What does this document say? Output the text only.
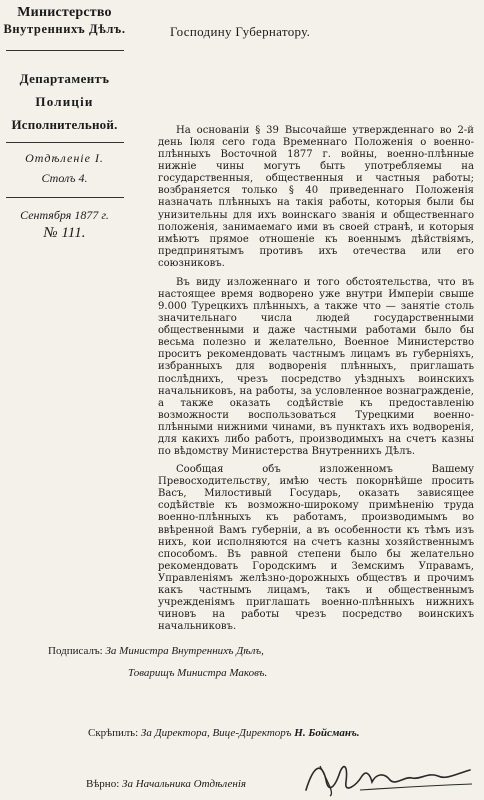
Министерство
Внутреннихъ Дѣлъ.
Департаментъ
Полиціи
Исполнительной.
Отдѣленіе I.
Столъ 4.
Сентября 1877 г.
№ 111.
Господину Губернатору.

На основаніи § 39 Высочайше утвержденнаго во 2-й день Іюля сего года Временнаго Положенія о военно-плѣнныхъ Восточной 1877 г. войны, военно-плѣнные нижніе чины могутъ быть употребляемы на государственныя, общественныя и частныя работы; возбраняется только § 40 приведеннаго Положенія назначать плѣнныхъ на такія работы, которыя были бы унизительны для ихъ воинскаго званія и общественнаго положенія, занимаемаго ими въ своей странѣ, и которыя имѣютъ прямое отношеніе къ военнымъ дѣйствіямъ, предпринятымъ противъ ихъ отечества или его союзниковъ.

Въ виду изложеннаго и того обстоятельства, что въ настоящее время водворено уже внутри Имперіи свыше 9.000 Турецкихъ плѣнныхъ, а также что — занятіе столь значительнаго числа людей государственными общественными и даже частными работами было бы весьма полезно и желательно, Военное Министерство проситъ рекомендовать частнымъ лицамъ въ губерніяхъ, избранныхъ для водворенія плѣнныхъ, приглашать послѣднихъ, чрезъ посредство уѣздныхъ воинскихъ начальниковъ, на работы, за условленное вознагражденіе, а также оказать содѣйствіе къ предоставленію возможности воспользоваться Турецкими военно-плѣнными нижними чинами, въ пунктахъ ихъ водворенія, для какихъ либо работъ, производимыхъ на счетъ казны по вѣдомству Министерства Внутреннихъ Дѣлъ.

Сообщая объ изложенномъ Вашему Превосходительству, имѣю честь покорнѣйше просить Васъ, Милостивый Государь, оказать зависящее содѣйствіе къ возможно-широкому примѣненію труда военно-плѣнныхъ къ работамъ, производимымъ во ввѣренной Вамъ губерніи, а въ особенности къ тѣмъ изъ нихъ, кои исполняются на счетъ казны хозяйственнымъ способомъ. Въ равной степени было бы желательно рекомендовать Городскимъ и Земскимъ Управамъ, Управленіямъ желѣзно-дорожныхъ обществъ и прочимъ какъ частнымъ лицамъ, такъ и общественнымъ учрежденіямъ приглашать военно-плѣнныхъ нижнихъ чиновъ на работы чрезъ посредство воинскихъ начальниковъ.

Подписалъ: За Министра Внутреннихъ Дѣлъ,
Товарищъ Министра Маковъ.
Скрѣпилъ: За Директора, Вице-Директоръ Н. Бойсманъ.
Вѣрно: За Начальника Отдѣленія
